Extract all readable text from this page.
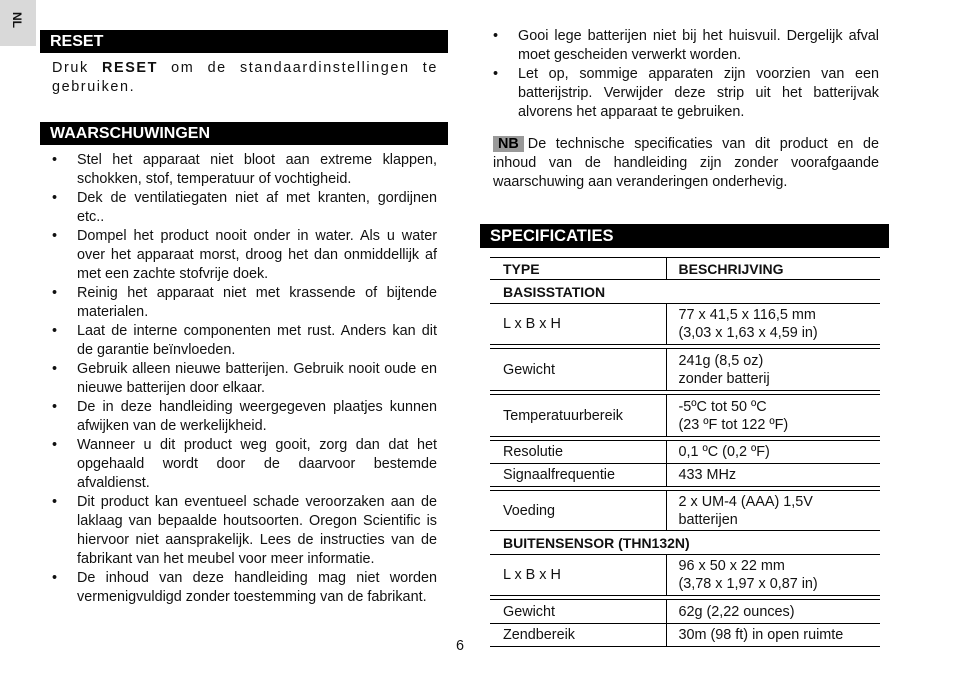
NL
RESET
Druk RESET om de standaardinstellingen te gebruiken.
WAARSCHUWINGEN
• Stel het apparaat niet bloot aan extreme klappen, schokken, stof, temperatuur of vochtigheid.
• Dek de ventilatiegaten niet af met kranten, gordijnen etc..
• Dompel het product nooit onder in water. Als u water over het apparaat morst, droog het dan onmiddellijk af met een zachte stofvrije doek.
• Reinig het apparaat niet met krassende of bijtende materialen.
• Laat de interne componenten met rust. Anders kan dit de garantie beïnvloeden.
• Gebruik alleen nieuwe batterijen. Gebruik nooit oude en nieuwe batterijen door elkaar.
• De in deze handleiding weergegeven plaatjes kunnen afwijken van de werkelijkheid.
• Wanneer u dit product weg gooit, zorg dan dat het opgehaald wordt door de daarvoor bestemde afvaldienst.
• Dit product kan eventueel schade veroorzaken aan de laklaag van bepaalde houtsoorten. Oregon Scientific is hiervoor niet aansprakelijk. Lees de instructies van de fabrikant van het meubel voor meer informatie.
• De inhoud van deze handleiding mag niet worden vermenigvuldigd zonder toestemming van de fabrikant.
• Gooi lege batterijen niet bij het huisvuil. Dergelijk afval moet gescheiden verwerkt worden.
• Let op, sommige apparaten zijn voorzien van een batterijstrip. Verwijder deze strip uit het batterijvak alvorens het apparaat te gebruiken.
NB De technische specificaties van dit product en de inhoud van de handleiding zijn zonder voorafgaande waarschuwing aan veranderingen onderhevig.
SPECIFICATIES
TYPE	BESCHRIJVING
BASISSTATION	
L x B x H	77 x 41,5 x 116,5 mm
(3,03 x 1,63 x 4,59 in)

Gewicht	241g (8,5 oz)
zonder batterij

Temperatuurbereik	-5ºC tot 50 ºC
(23 ºF tot 122 ºF)

Resolutie	0,1 ºC (0,2 ºF)

Signaalfrequentie	433 MHz

Voeding	2 x UM-4 (AAA) 1,5V
batterijen

BUITENSENSOR (THN132N)	
L x B x H	96 x 50 x 22 mm
(3,78 x 1,97 x 0,87 in)

Gewicht	62g (2,22 ounces)

Zendbereik	30m (98 ft) in open ruimte
6
